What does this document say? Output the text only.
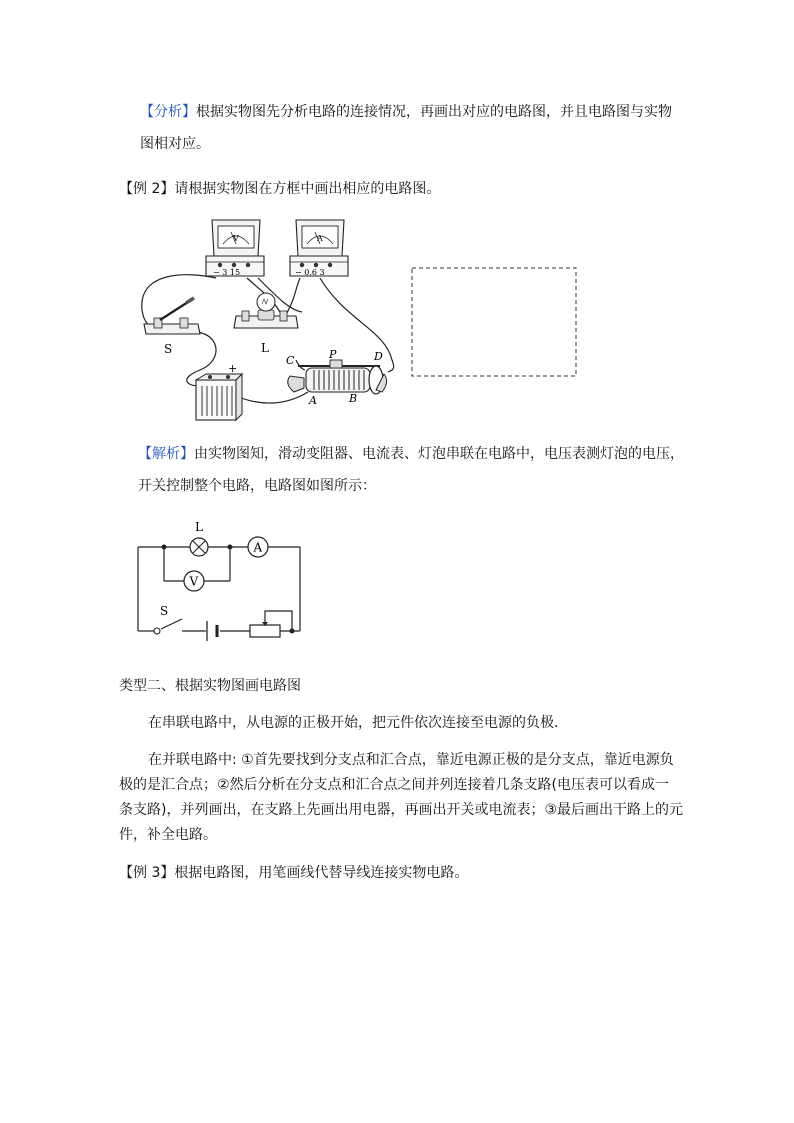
【分析】根据实物图先分析电路的连接情况，再画出对应的电路图，并且电路图与实物
图相对应。
【例 2】请根据实物图在方框中画出相应的电路图。
V
− 3 15
A
− 0.6 3
S	L
+
C	P	D
A	B
【解析】由实物图知，滑动变阻器、电流表、灯泡串联在电路中，电压表测灯泡的电压，
开关控制整个电路，电路图如图所示：
L
A
V
S
类型二、根据实物图画电路图
在串联电路中，从电源的正极开始，把元件依次连接至电源的负极．
在并联电路中: ①首先要找到分支点和汇合点，靠近电源正极的是分支点，靠近电源负
极的是汇合点；②然后分析在分支点和汇合点之间并列连接着几条支路(电压表可以看成一
条支路)，并列画出，在支路上先画出用电器，再画出开关或电流表；③最后画出干路上的元
件，补全电路。
【例 3】根据电路图，用笔画线代替导线连接实物电路。
